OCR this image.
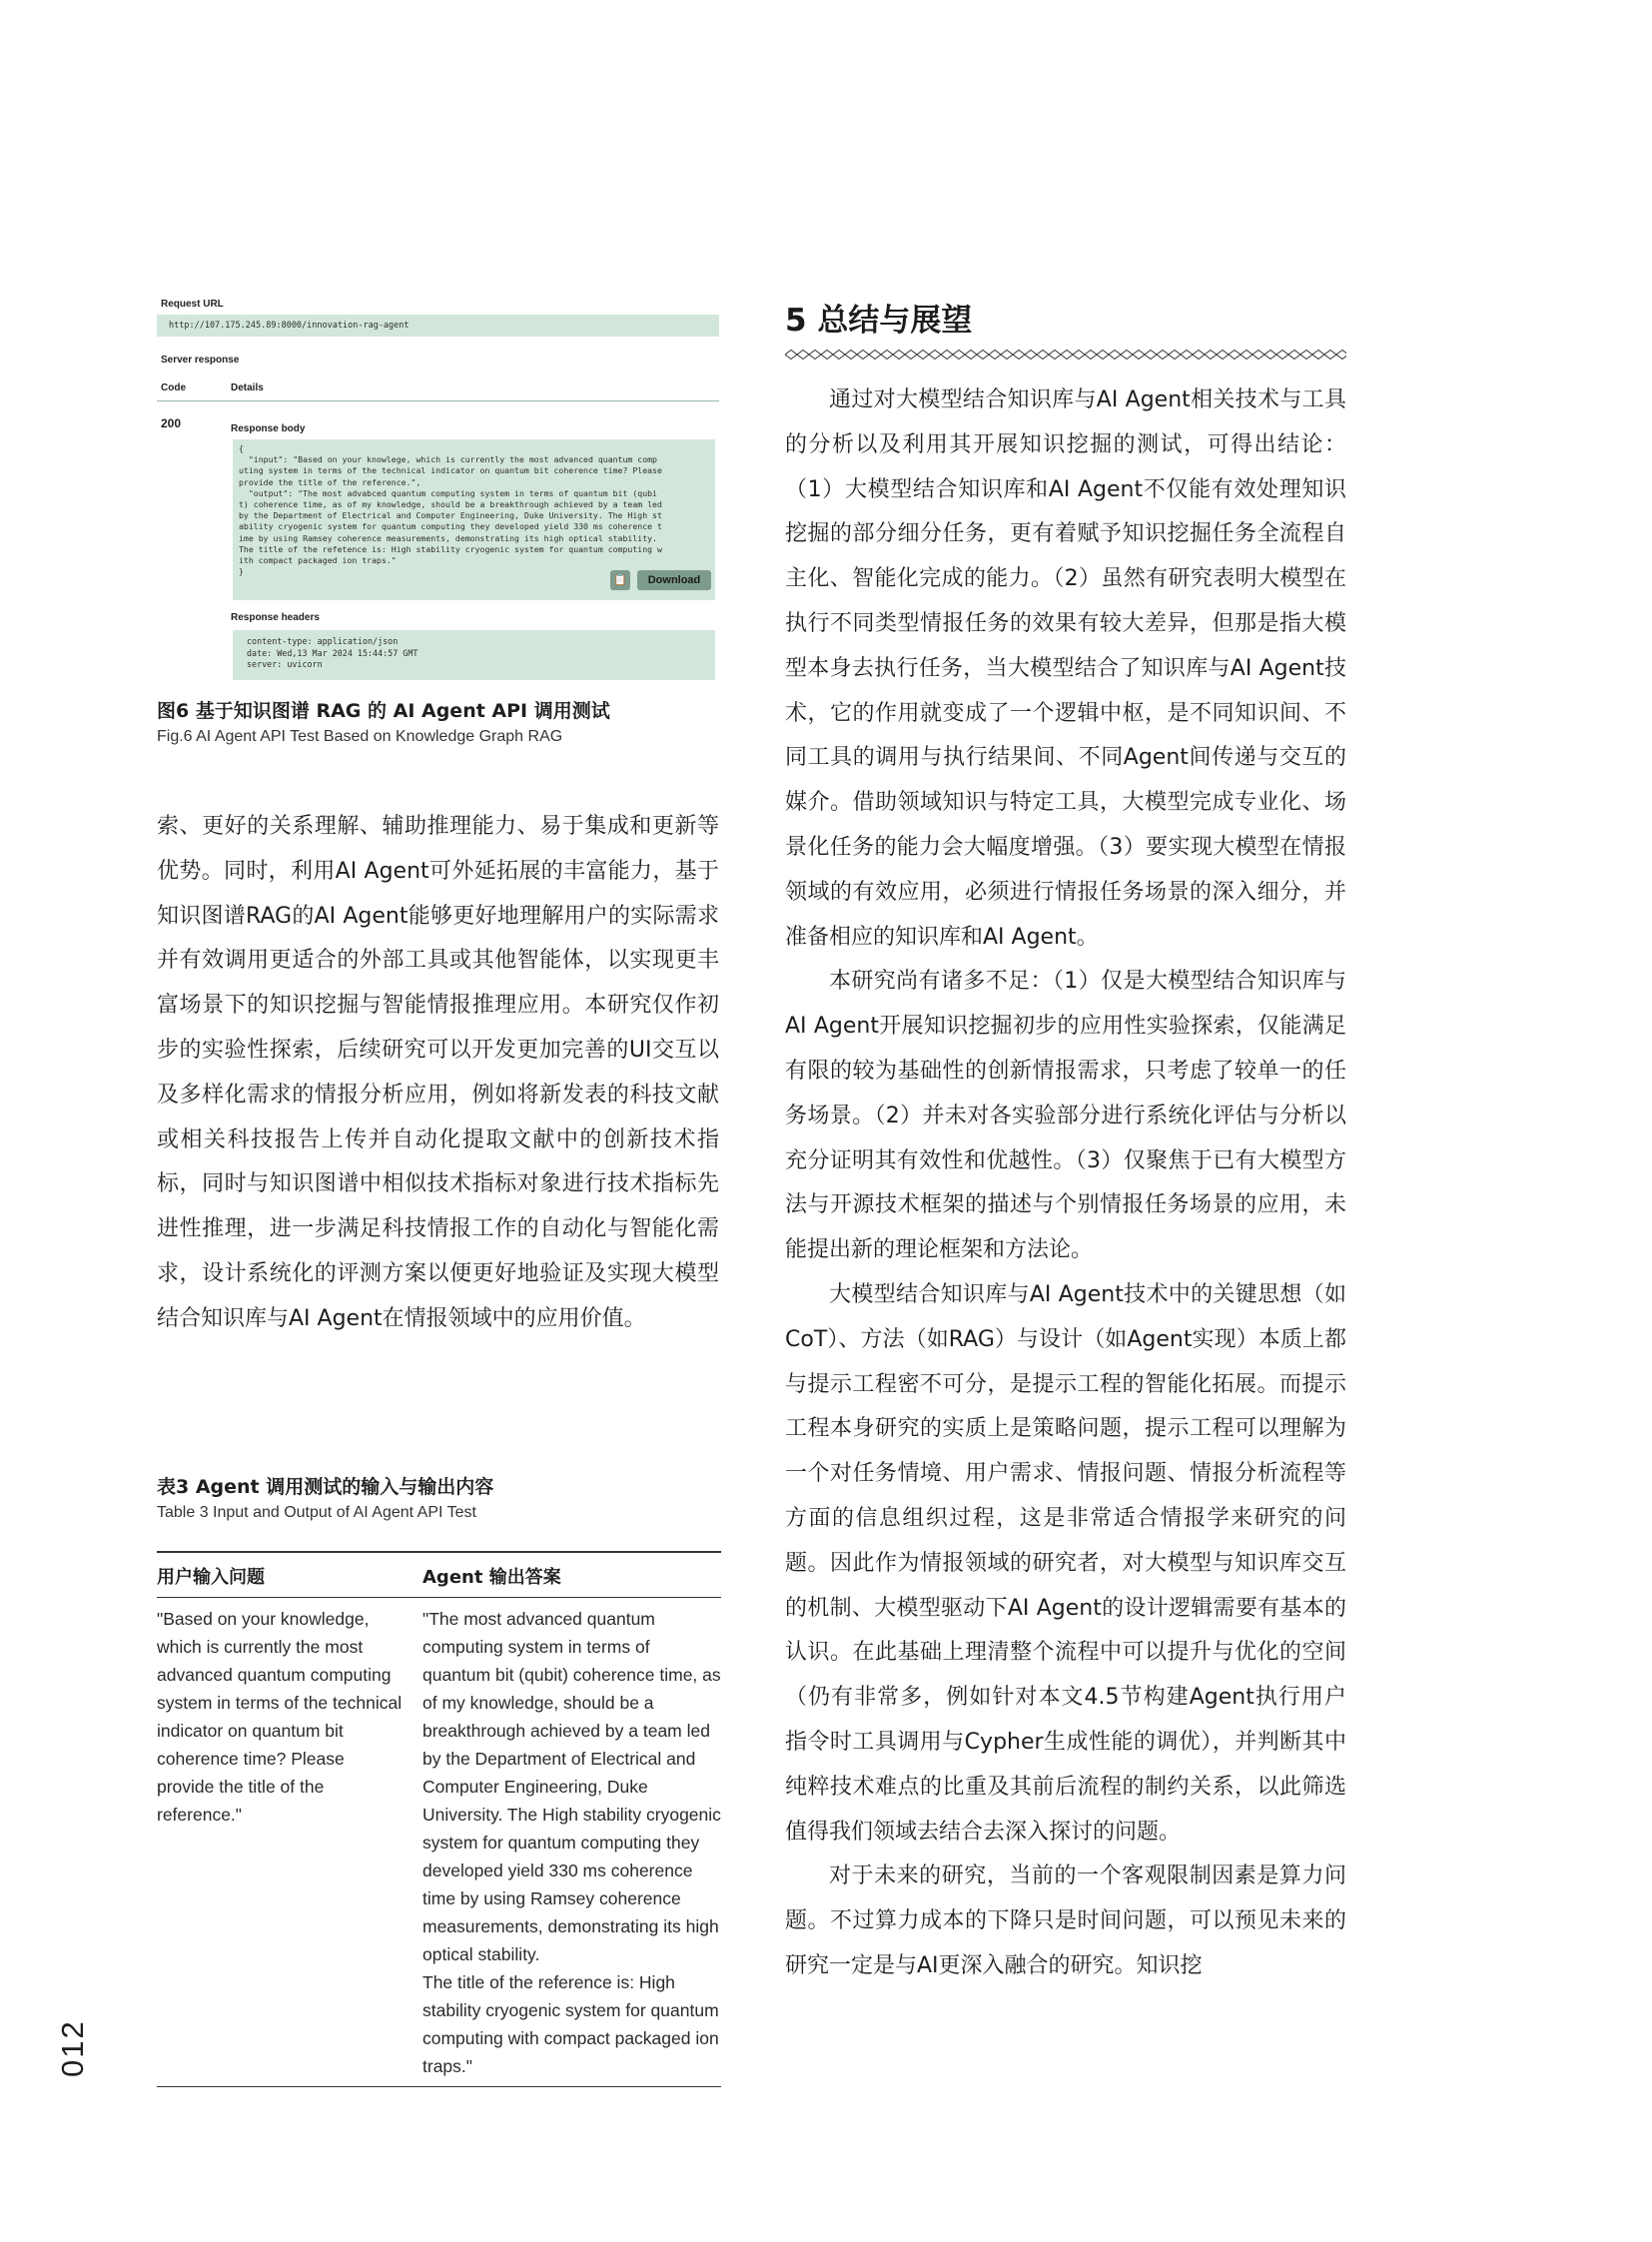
Request URL
http://107.175.245.89:8000/innovation-rag-agent
Server response
Code	Details
200	Response body
{
"input": "Based on your knowlege, which is currently the most advanced quantum comp
uting system in terms of the technical indicator on quantum bit coherence time? Please
provide the title of the reference.",
"output": "The most advabced quantum computing system in terms of quantum bit (qubi
t) coherence time, as of my knowledge, should be a breakthrough achieved by a team led
by the Department of Electrical and Computer Engineering, Duke University. The High st
ability cryogenic system for quantum computing they developed yield 330 ms coherence t
ime by using Ramsey coherence measurements, demonstrating its high optical stability.
The title of the refetence is: High stability cryogenic system for quantum computing w
ith compact packaged ion traps."
}
📋	Download
Response headers
content-type: application/json
date: Wed,13 Mar 2024 15:44:57 GMT
server: uvicorn
图6 基于知识图谱 RAG 的 AI Agent API 调用测试
Fig.6 AI Agent API Test Based on Knowledge Graph RAG

索、更好的关系理解、辅助推理能力、易于集成和更新等优势。同时，利用AI Agent可外延拓展的丰富能力，基于知识图谱RAG的AI Agent能够更好地理解用户的实际需求并有效调用更适合的外部工具或其他智能体，以实现更丰富场景下的知识挖掘与智能情报推理应用。本研究仅作初步的实验性探索，后续研究可以开发更加完善的UI交互以及多样化需求的情报分析应用，例如将新发表的科技文献或相关科技报告上传并自动化提取文献中的创新技术指标，同时与知识图谱中相似技术指标对象进行技术指标先进性推理，进一步满足科技情报工作的自动化与智能化需求，设计系统化的评测方案以便更好地验证及实现大模型结合知识库与AI Agent在情报领域中的应用价值。

表3 Agent 调用测试的输入与输出内容
Table 3 Input and Output of AI Agent API Test
用户输入问题	Agent 输出答案
"Based on your knowledge, which is currently the most advanced quantum computing system in terms of the technical indicator on quantum bit coherence time? Please provide the title of the reference."	"The most advanced quantum computing system in terms of quantum bit (qubit) coherence time, as of my knowledge, should be a breakthrough achieved by a team led by the Department of Electrical and Computer Engineering, Duke University. The High stability cryogenic system for quantum computing they developed yield 330 ms coherence time by using Ramsey coherence measurements, demonstrating its high optical stability.
The title of the reference is: High stability cryogenic system for quantum computing with compact packaged ion traps."
5 总结与展望

通过对大模型结合知识库与AI Agent相关技术与工具的分析以及利用其开展知识挖掘的测试，可得出结论：（1）大模型结合知识库和AI Agent不仅能有效处理知识挖掘的部分细分任务，更有着赋予知识挖掘任务全流程自主化、智能化完成的能力。（2）虽然有研究表明大模型在执行不同类型情报任务的效果有较大差异，但那是指大模型本身去执行任务，当大模型结合了知识库与AI Agent技术，它的作用就变成了一个逻辑中枢，是不同知识间、不同工具的调用与执行结果间、不同Agent间传递与交互的媒介。借助领域知识与特定工具，大模型完成专业化、场景化任务的能力会大幅度增强。（3）要实现大模型在情报领域的有效应用，必须进行情报任务场景的深入细分，并准备相应的知识库和AI Agent。

本研究尚有诸多不足：（1）仅是大模型结合知识库与AI Agent开展知识挖掘初步的应用性实验探索，仅能满足有限的较为基础性的创新情报需求，只考虑了较单一的任务场景。（2）并未对各实验部分进行系统化评估与分析以充分证明其有效性和优越性。（3）仅聚焦于已有大模型方法与开源技术框架的描述与个别情报任务场景的应用，未能提出新的理论框架和方法论。

大模型结合知识库与AI Agent技术中的关键思想（如CoT）、方法（如RAG）与设计（如Agent实现）本质上都与提示工程密不可分，是提示工程的智能化拓展。而提示工程本身研究的实质上是策略问题，提示工程可以理解为一个对任务情境、用户需求、情报问题、情报分析流程等方面的信息组织过程，这是非常适合情报学来研究的问题。因此作为情报领域的研究者，对大模型与知识库交互的机制、大模型驱动下AI Agent的设计逻辑需要有基本的认识。在此基础上理清整个流程中可以提升与优化的空间（仍有非常多，例如针对本文4.5节构建Agent执行用户指令时工具调用与Cypher生成性能的调优），并判断其中纯粹技术难点的比重及其前后流程的制约关系，以此筛选值得我们领域去结合去深入探讨的问题。

对于未来的研究，当前的一个客观限制因素是算力问题。不过算力成本的下降只是时间问题，可以预见未来的研究一定是与AI更深入融合的研究。知识挖

012
